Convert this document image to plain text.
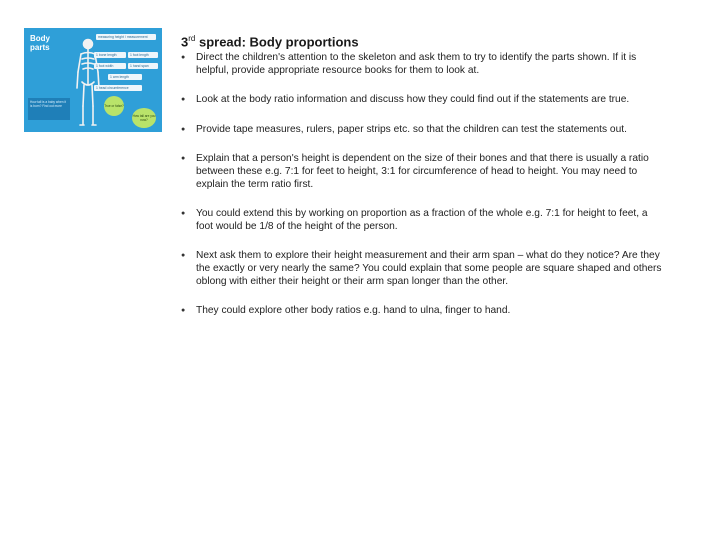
Body parts
measuring height / measurement
1 bone length	1 foot length
1 foot width	1 hand span
1 arm length
1 head circumference
How tall is a baby when it is born? Find out more	True or false?
How tall are you now?
3rd spread: Body proportions
● Direct the children's attention to the skeleton and ask them to try to identify the parts shown. If it is helpful, provide appropriate resource books for them to look at.
● Look at the body ratio information and discuss how they could find out if the statements are true.
● Provide tape measures, rulers, paper strips etc. so that the children can test the statements out.
● Explain that a person's height is dependent on the size of their bones and that there is usually a ratio between these e.g. 7:1 for feet to height, 3:1 for circumference of head to height. You may need to explain the term ratio first.
● You could extend this by working on proportion as a fraction of the whole e.g. 7:1 for height to feet, a foot would be 1/8 of the height of the person.
● Next ask them to explore their height measurement and their arm span – what do they notice? Are they the exactly or very nearly the same? You could explain that some people are square shaped and others oblong with either their height or their arm span longer than the other.
● They could explore other body ratios e.g. hand to ulna, finger to hand.
